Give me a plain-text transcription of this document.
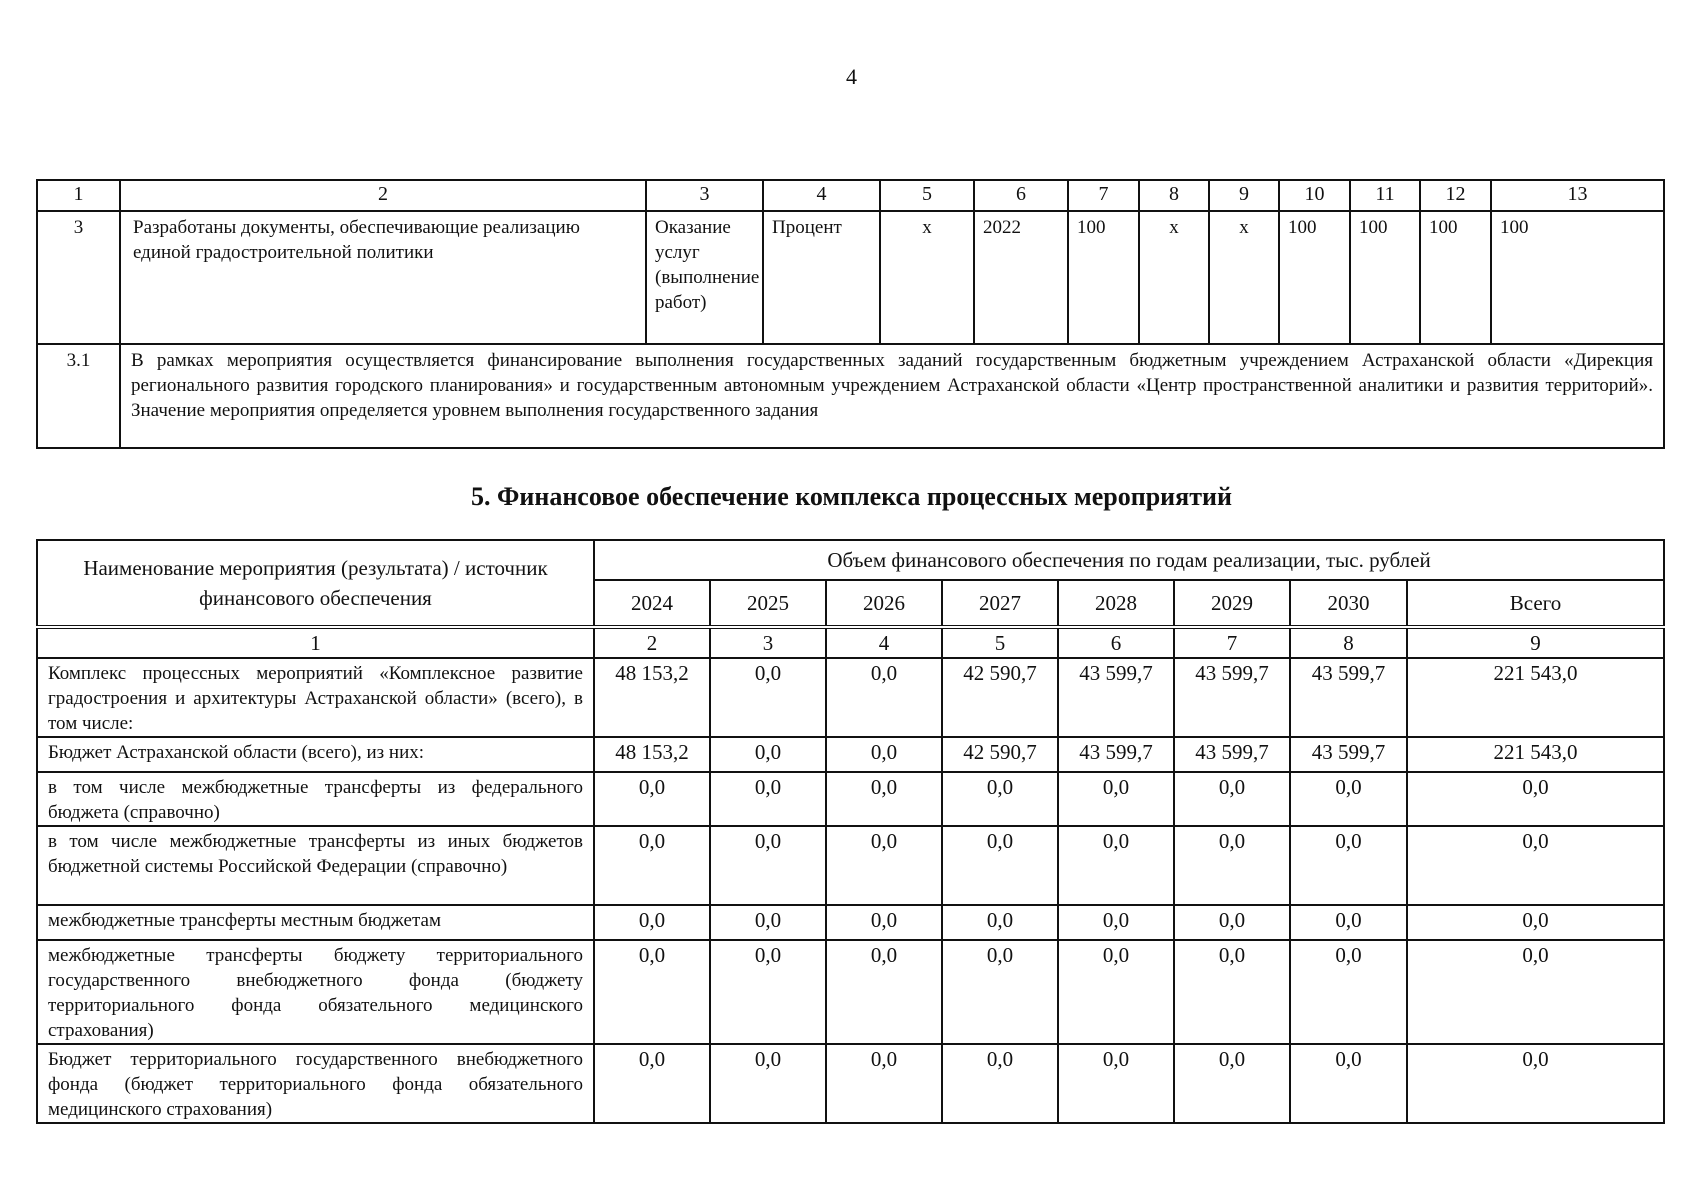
4
1	2	3	4	5	6	7	8	9	10	11	12	13
3	Разработаны документы, обеспечивающие реализацию единой градостроительной политики	Оказание услуг (выполнение работ)	Процент	х	2022	100	х	х	100	100	100	100
3.1	В рамках мероприятия осуществляется финансирование выполнения государственных заданий государственным бюджетным учреждением Астраханской области «Дирекция регионального развития городского планирования» и государственным автономным учреждением Астраханской области «Центр пространственной аналитики и развития территорий». Значение мероприятия определяется уровнем выполнения государственного задания											
5. Финансовое обеспечение комплекса процессных мероприятий
Наименование мероприятия (результата) / источник финансового обеспечения	Объем финансового обеспечения по годам реализации, тыс. рублей							
	2024	2025	2026	2027	2028	2029	2030	Всего
1	2	3	4	5	6	7	8	9
Комплекс процессных мероприятий «Комплексное развитие градостроения и архитектуры Астраханской области» (всего), в том числе:	48 153,2	0,0	0,0	42 590,7	43 599,7	43 599,7	43 599,7	221 543,0
Бюджет Астраханской области (всего), из них:	48 153,2	0,0	0,0	42 590,7	43 599,7	43 599,7	43 599,7	221 543,0
в том числе межбюджетные трансферты из федерального бюджета (справочно)	0,0	0,0	0,0	0,0	0,0	0,0	0,0	0,0
в том числе межбюджетные трансферты из иных бюджетов бюджетной системы Российской Федерации (справочно)	0,0	0,0	0,0	0,0	0,0	0,0	0,0	0,0
межбюджетные трансферты местным бюджетам	0,0	0,0	0,0	0,0	0,0	0,0	0,0	0,0
межбюджетные трансферты бюджету территориального государственного внебюджетного фонда (бюджету территориального фонда обязательного медицинского страхования)	0,0	0,0	0,0	0,0	0,0	0,0	0,0	0,0
Бюджет территориального государственного внебюджетного фонда (бюджет территориального фонда обязательного медицинского страхования)	0,0	0,0	0,0	0,0	0,0	0,0	0,0	0,0
